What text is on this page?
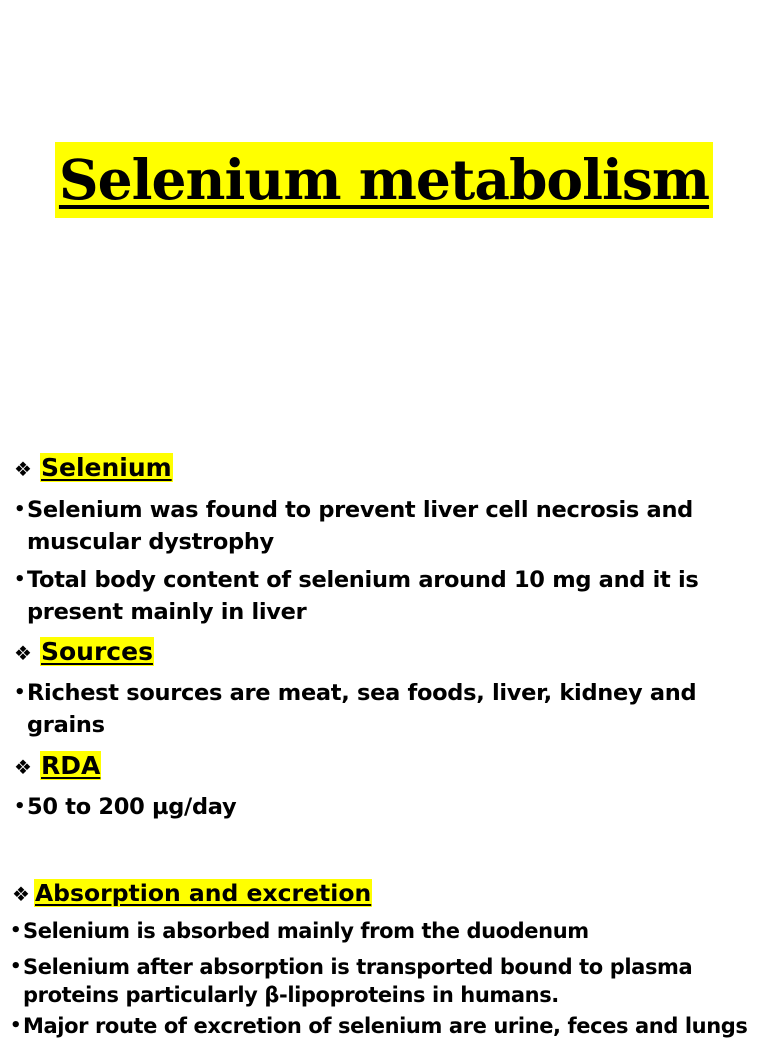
Selenium metabolism
❖ Selenium
• Selenium was found to prevent liver cell necrosis and muscular dystrophy
• Total body content of selenium around 10 mg and it is present mainly in liver
❖ Sources
• Richest sources are meat, sea foods, liver, kidney and grains
❖ RDA
• 50 to 200 µg/day
❖ Absorption and excretion
• Selenium is absorbed mainly from the duodenum
• Selenium after absorption is transported bound to plasma proteins particularly β-lipoproteins in humans.
• Major route of excretion of selenium are urine, feces and lungs
